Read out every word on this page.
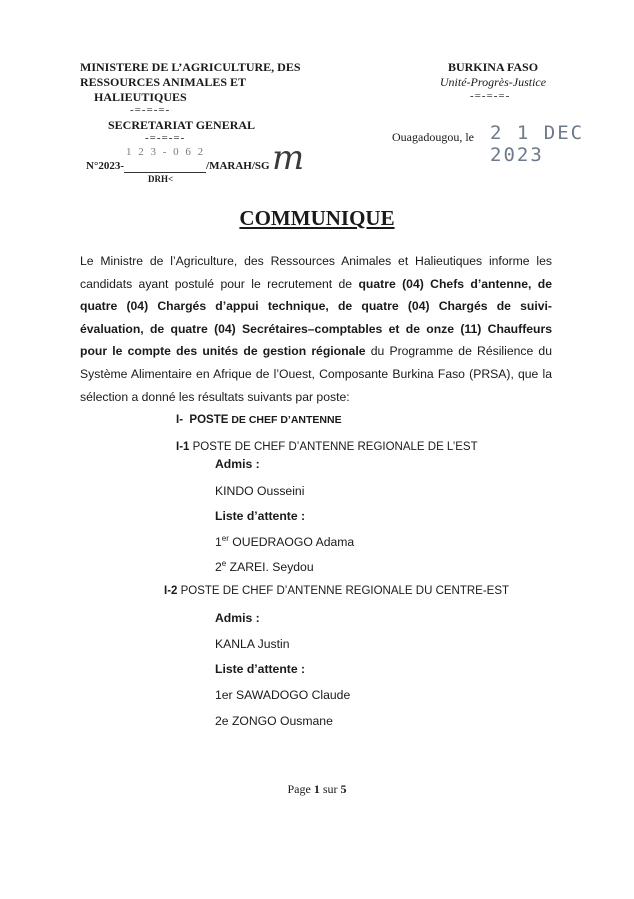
MINISTERE DE L’AGRICULTURE, DES
RESSOURCES ANIMALES ET
HALIEUTIQUES
-=-=-=-
SECRETARIAT GENERAL
-=-=-=-
N°2023-
1 2 3 - 0 6 2
/MARAH/SG
DRH<
m
BURKINA FASO
Unité-Progrès-Justice
-=-=-=-
Ouagadougou, le 2 1 DEC 2023
COMMUNIQUE
Le Ministre de l’Agriculture, des Ressources Animales et Halieutiques informe les candidats ayant postulé pour le recrutement de quatre (04) Chefs d’antenne, de quatre (04) Chargés d’appui technique, de quatre (04) Chargés de suivi-évaluation, de quatre (04) Secrétaires–comptables et de onze (11) Chauffeurs pour le compte des unités de gestion régionale du Programme de Résilience du Système Alimentaire en Afrique de l’Ouest, Composante Burkina Faso (PRSA), que la sélection a donné les résultats suivants par poste:
I- POSTE DE CHEF D’ANTENNE
I-1 POSTE DE CHEF D’ANTENNE REGIONALE DE L’EST
Admis :
KINDO Ousseini
Liste d’attente :
1er OUEDRAOGO Adama
2e ZAREI. Seydou
I-2 POSTE DE CHEF D’ANTENNE REGIONALE DU CENTRE-EST
Admis :
KANLA Justin
Liste d’attente :
1er SAWADOGO Claude
2e ZONGO Ousmane
Page 1 sur 5
